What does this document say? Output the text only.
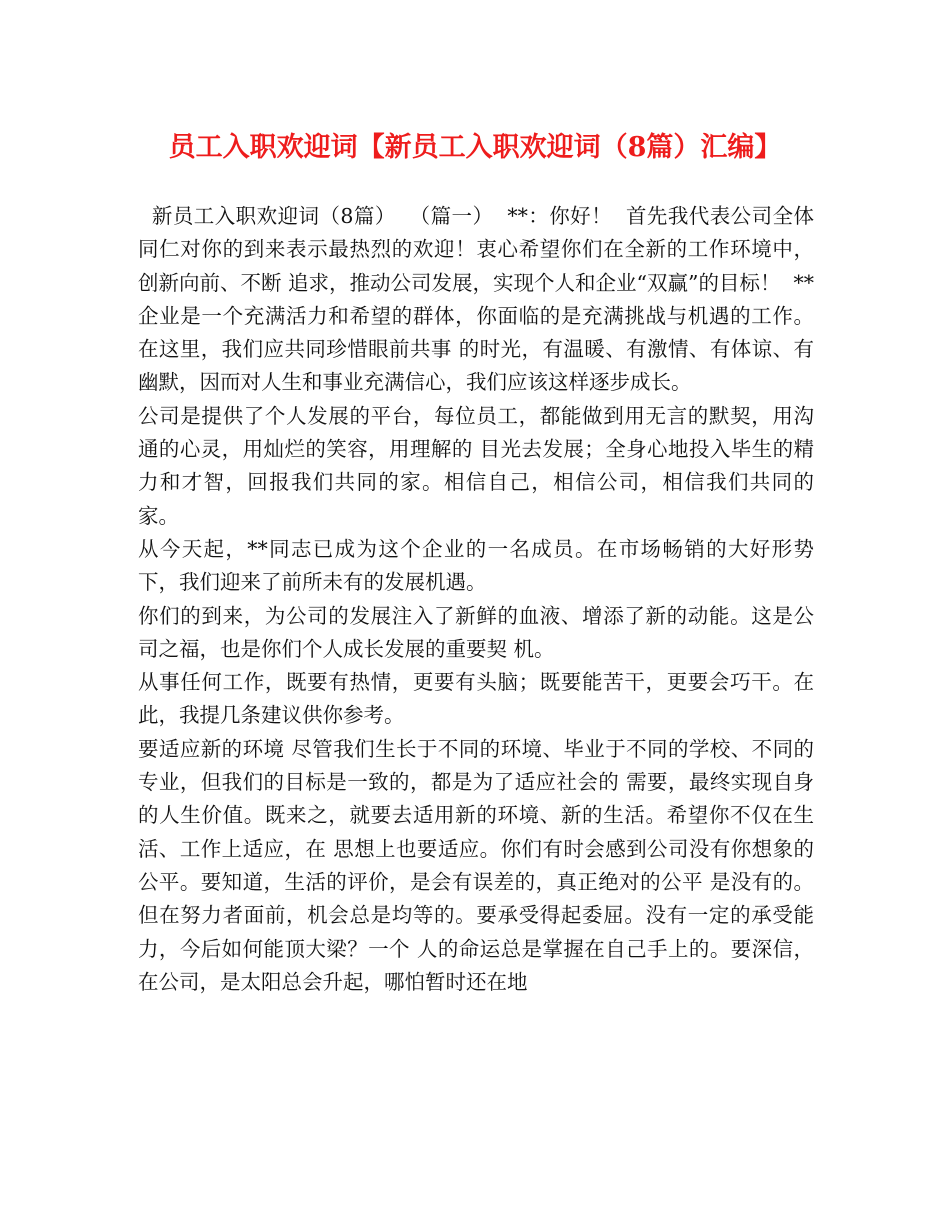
员工入职欢迎词【新员工入职欢迎词（8篇）汇编】

新员工入职欢迎词（8篇）  （篇一）  **：你好！  首先我代表公司全体同仁对你的到来表示最热烈的欢迎！衷心希望你们在全新的工作环境中，创新向前、不断 追求，推动公司发展，实现个人和企业“双赢”的目标！  **企业是一个充满活力和希望的群体，你面临的是充满挑战与机遇的工作。在这里，我们应共同珍惜眼前共事 的时光，有温暖、有激情、有体谅、有幽默，因而对人生和事业充满信心，我们应该这样逐步成长。

公司是提供了个人发展的平台，每位员工，都能做到用无言的默契，用沟通的心灵，用灿烂的笑容，用理解的 目光去发展；全身心地投入毕生的精力和才智，回报我们共同的家。相信自己，相信公司，相信我们共同的家。

从今天起，**同志已成为这个企业的一名成员。在市场畅销的大好形势下，我们迎来了前所未有的发展机遇。

你们的到来，为公司的发展注入了新鲜的血液、增添了新的动能。这是公司之福，也是你们个人成长发展的重要契 机。

从事任何工作，既要有热情，更要有头脑；既要能苦干，更要会巧干。在此，我提几条建议供你参考。

要适应新的环境 尽管我们生长于不同的环境、毕业于不同的学校、不同的专业，但我们的目标是一致的，都是为了适应社会的 需要，最终实现自身的人生价值。既来之，就要去适用新的环境、新的生活。希望你不仅在生活、工作上适应，在 思想上也要适应。你们有时会感到公司没有你想象的公平。要知道，生活的评价，是会有误差的，真正绝对的公平 是没有的。但在努力者面前，机会总是均等的。要承受得起委屈。没有一定的承受能力，今后如何能顶大梁？一个 人的命运总是掌握在自己手上的。要深信，在公司，是太阳总会升起，哪怕暂时还在地
